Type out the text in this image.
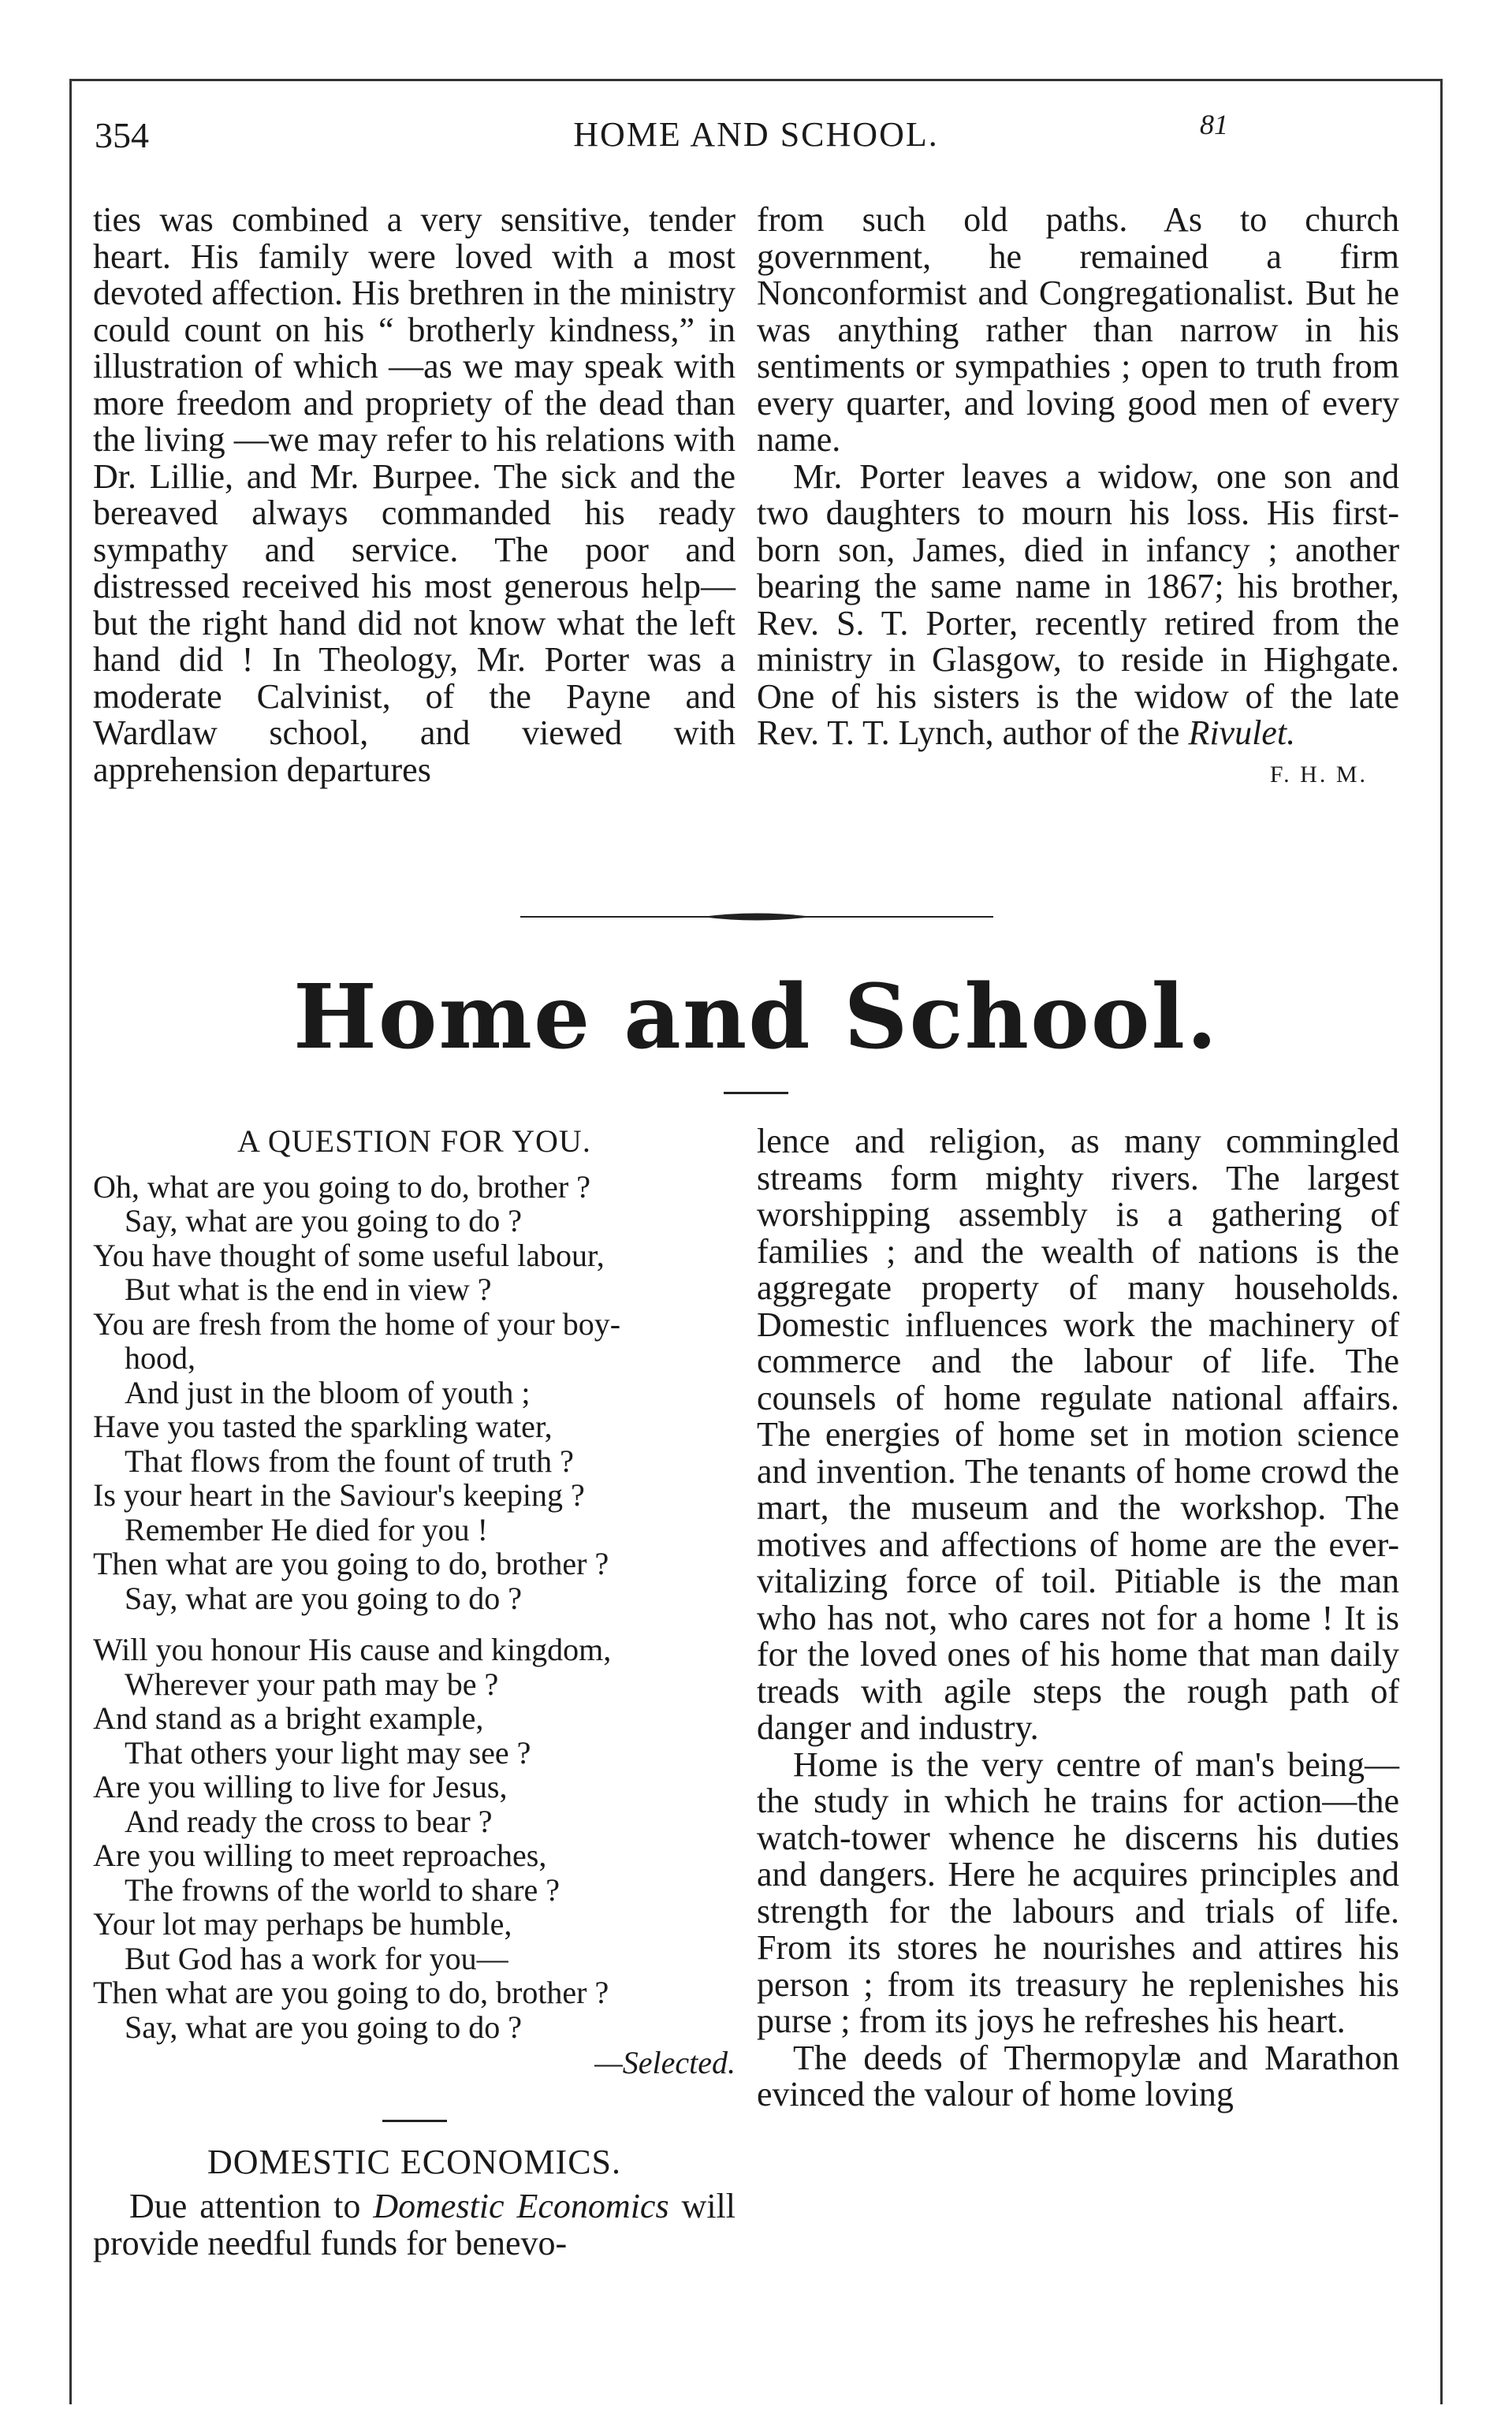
354	HOME AND SCHOOL.	81

ties was combined a very sensitive, tender heart. His family were loved with a most devoted affection. His brethren in the ministry could count on his “ brotherly kindness,” in illustration of which —as we may speak with more freedom and propriety of the dead than the living —we may refer to his relations with Dr. Lillie, and Mr. Burpee. The sick and the bereaved always commanded his ready sympathy and service. The poor and distressed received his most generous help—but the right hand did not know what the left hand did ! In Theology, Mr. Porter was a moderate Calvinist, of the Payne and Wardlaw school, and viewed with apprehension departures

from such old paths. As to church government, he remained a firm Nonconformist and Congregationalist. But he was anything rather than narrow in his sentiments or sympathies ; open to truth from every quarter, and loving good men of every name.

Mr. Porter leaves a widow, one son and two daughters to mourn his loss. His first-born son, James, died in infancy ; another bearing the same name in 1867; his brother, Rev. S. T. Porter, recently retired from the ministry in Glasgow, to reside in Highgate. One of his sisters is the widow of the late Rev. T. T. Lynch, author of the Rivulet.

F. H. M.
Home and School.
A QUESTION FOR YOU.
Oh, what are you going to do, brother ?
Say, what are you going to do ?
You have thought of some useful labour,
But what is the end in view ?
You are fresh from the home of your boy-
hood,
And just in the bloom of youth ;
Have you tasted the sparkling water,
That flows from the fount of truth ?
Is your heart in the Saviour's keeping ?
Remember He died for you !
Then what are you going to do, brother ?
Say, what are you going to do ?
Will you honour His cause and kingdom,
Wherever your path may be ?
And stand as a bright example,
That others your light may see ?
Are you willing to live for Jesus,
And ready the cross to bear ?
Are you willing to meet reproaches,
The frowns of the world to share ?
Your lot may perhaps be humble,
But God has a work for you—
Then what are you going to do, brother ?
Say, what are you going to do ?
—Selected.
DOMESTIC ECONOMICS.

Due attention to Domestic Economics will provide needful funds for benevo-

lence and religion, as many commingled streams form mighty rivers. The largest worshipping assembly is a gathering of families ; and the wealth of nations is the aggregate property of many households. Domestic influences work the machinery of commerce and the labour of life. The counsels of home regulate national affairs. The energies of home set in motion science and invention. The tenants of home crowd the mart, the museum and the workshop. The motives and affections of home are the ever-vitalizing force of toil. Pitiable is the man who has not, who cares not for a home ! It is for the loved ones of his home that man daily treads with agile steps the rough path of danger and industry.

Home is the very centre of man's being—the study in which he trains for action—the watch-tower whence he discerns his duties and dangers. Here he acquires principles and strength for the labours and trials of life. From its stores he nourishes and attires his person ; from its treasury he replenishes his purse ; from its joys he refreshes his heart.

The deeds of Thermopylæ and Marathon evinced the valour of home loving
